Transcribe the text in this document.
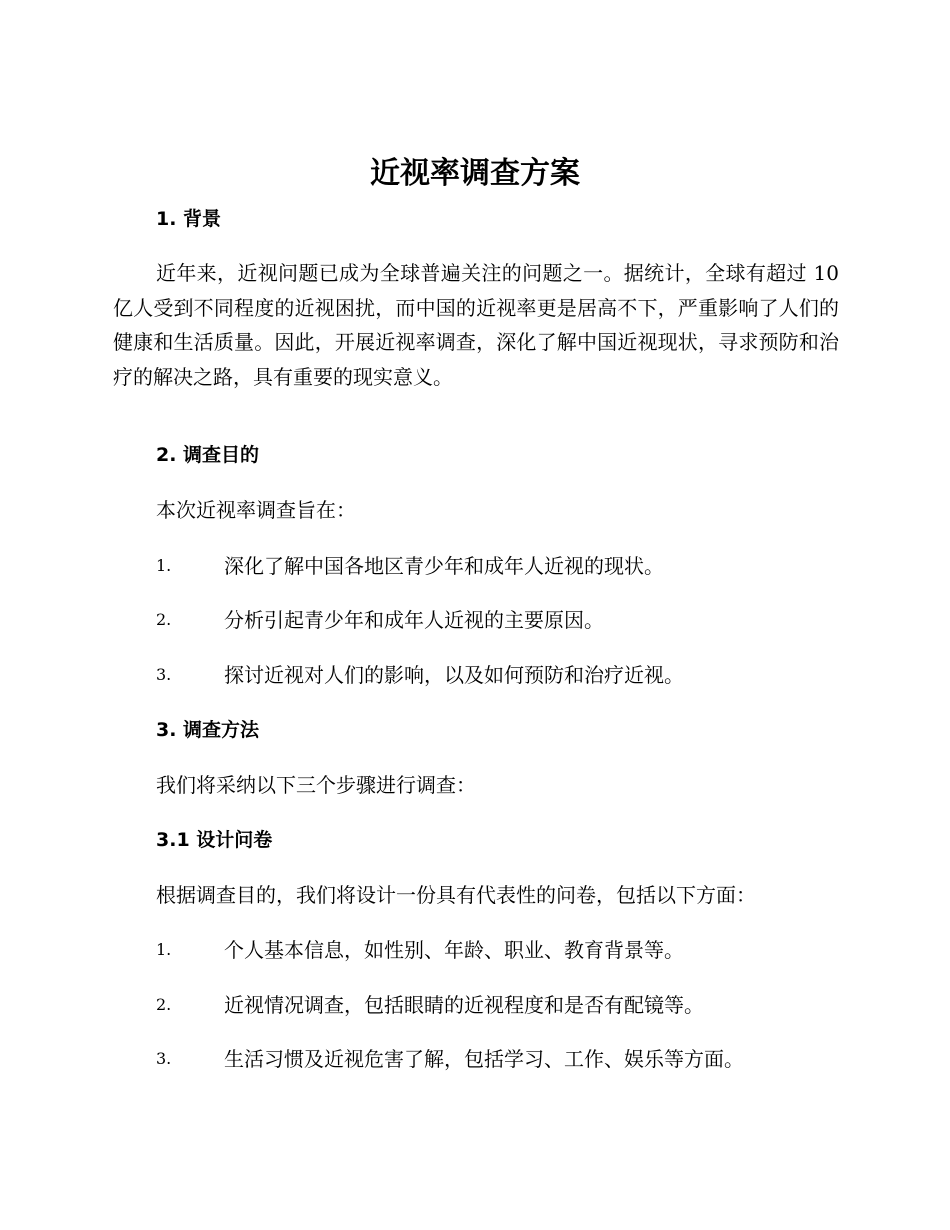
近视率调查方案
1. 背景

近年来，近视问题已成为全球普遍关注的问题之一。据统计，全球有超过 10 亿人受到不同程度的近视困扰，而中国的近视率更是居高不下，严重影响了人们的健康和生活质量。因此，开展近视率调查，深化了解中国近视现状，寻求预防和治疗的解决之路，具有重要的现实意义。

2. 调查目的

本次近视率调查旨在：

1.	深化了解中国各地区青少年和成年人近视的现状。
2.	分析引起青少年和成年人近视的主要原因。
3.	探讨近视对人们的影响，以及如何预防和治疗近视。
3. 调查方法

我们将采纳以下三个步骤进行调查：

3.1 设计问卷

根据调查目的，我们将设计一份具有代表性的问卷，包括以下方面：

1.	个人基本信息，如性别、年龄、职业、教育背景等。
2.	近视情况调查，包括眼睛的近视程度和是否有配镜等。
3.	生活习惯及近视危害了解，包括学习、工作、娱乐等方面。
